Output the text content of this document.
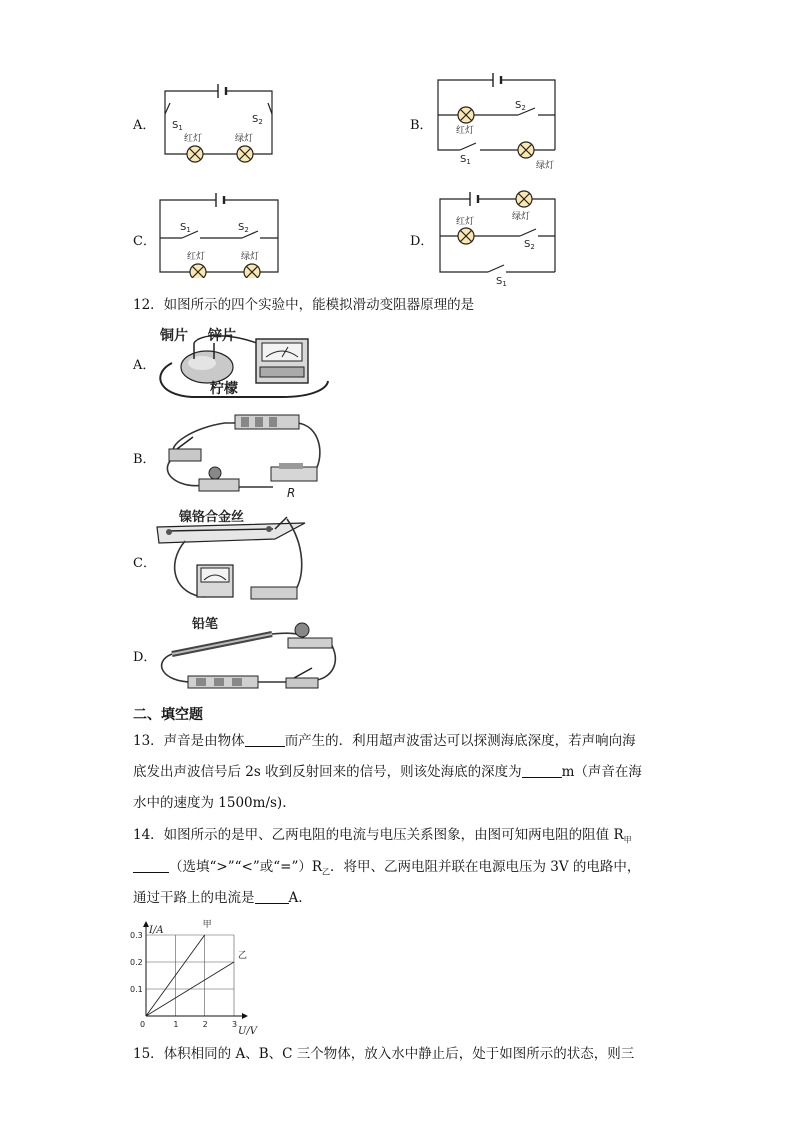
A． $S_1$
$S_2$
红灯	绿灯
B．
$S_2$
$S_1$
红灯
绿灯
C．
$S_1$	$S_2$
红灯	绿灯
D．
绿灯
红灯
$S_2$
$S_1$
12．如图所示的四个实验中，能模拟滑动变阻器原理的是
A．
铜片 锌片
柠檬
B．
R
C．
镍铬合金丝
D．
铅笔
二、填空题
13．声音是由物体	而产生的．利用超声波雷达可以探测海底深度，若声响向海
底发出声波信号后 2s 收到反射回来的信号，则该处海底的深度为	m（声音在海
水中的速度为 1500m/s).
14．如图所示的是甲、乙两电阻的电流与电压关系图象，由图可知两电阻的阻值 $R_甲$
（选填“>”“<”或“$=”)R_乙$．将甲、乙两电阻并联在电源电压为 3V 的电路中，
通过干路上的电流是	A.
甲
乙
0	1	2	3
0.1
0.2
0.3
U/V
I/A
15．体积相同的 A、B、C 三个物体，放入水中静止后，处于如图所示的状态，则三
